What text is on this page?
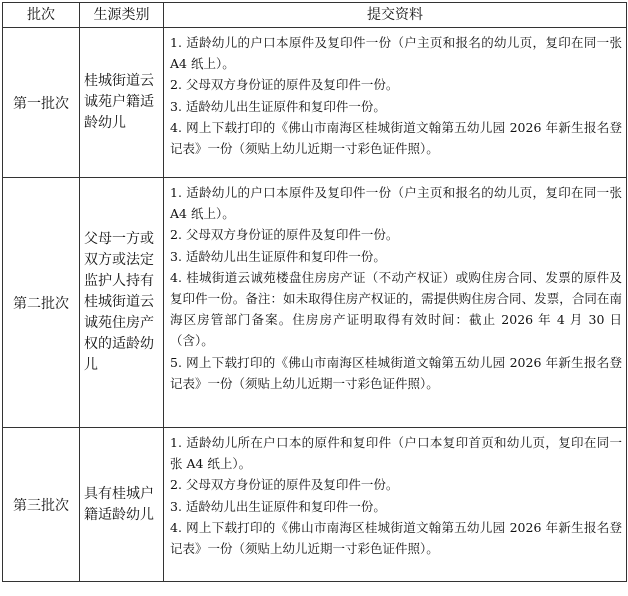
批次	生源类别	提交资料
第一批次	桂城街道云诚苑户籍适龄幼儿	1. 适龄幼儿的户口本原件及复印件一份（户主页和报名的幼儿页，复印在同一张 A4 纸上）。
2. 父母双方身份证的原件及复印件一份。
3. 适龄幼儿出生证原件和复印件一份。
4. 网上下载打印的《佛山市南海区桂城街道文翰第五幼儿园 2026 年新生报名登记表》一份（须贴上幼儿近期一寸彩色证件照）。

第二批次	父母一方或双方或法定监护人持有桂城街道云诚苑住房产权的适龄幼儿	1. 适龄幼儿的户口本原件及复印件一份（户主页和报名的幼儿页，复印在同一张 A4 纸上）。
2. 父母双方身份证的原件及复印件一份。
3. 适龄幼儿出生证原件和复印件一份。
4. 桂城街道云诚苑楼盘住房房产证（不动产权证）或购住房合同、发票的原件及复印件一份。备注：如未取得住房产权证的，需提供购住房合同、发票，合同在南海区房管部门备案。住房房产证明取得有效时间：截止 2026 年 4 月 30 日（含）。
5. 网上下载打印的《佛山市南海区桂城街道文翰第五幼儿园 2026 年新生报名登记表》一份（须贴上幼儿近期一寸彩色证件照）。

第三批次	具有桂城户籍适龄幼儿	1. 适龄幼儿所在户口本的原件和复印件（户口本复印首页和幼儿页，复印在同一张 A4 纸上）。
2. 父母双方身份证的原件及复印件一份。
3. 适龄幼儿出生证原件和复印件一份。
4. 网上下载打印的《佛山市南海区桂城街道文翰第五幼儿园 2026 年新生报名登记表》一份（须贴上幼儿近期一寸彩色证件照）。
